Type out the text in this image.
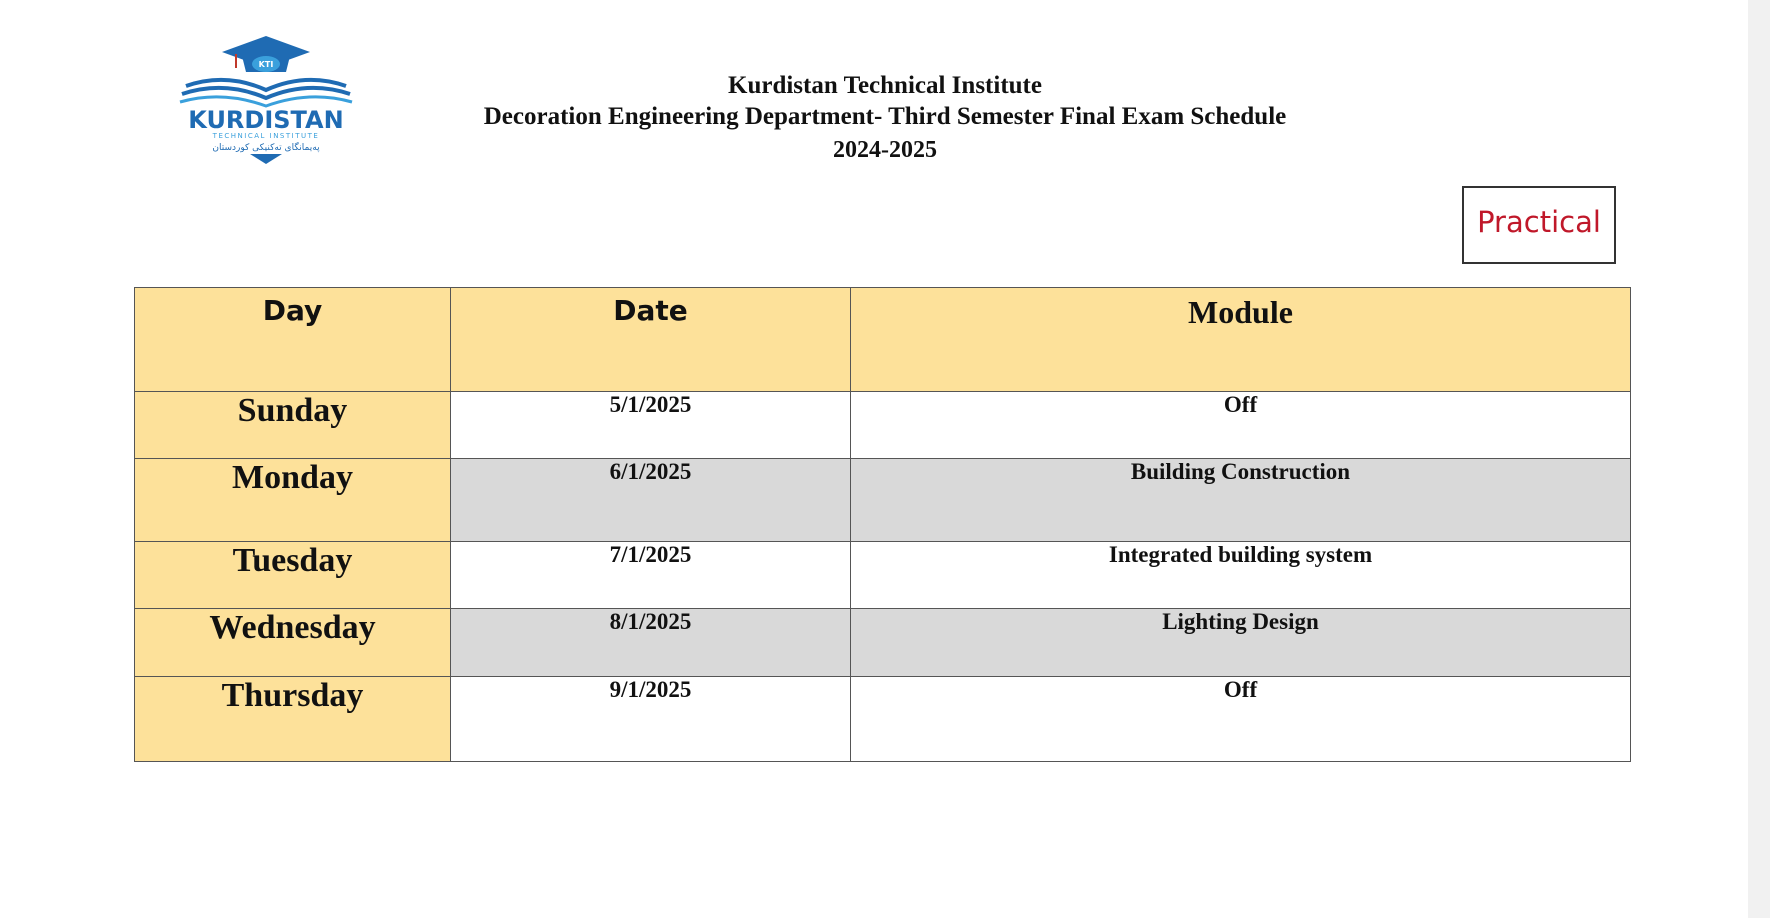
KTI
KURDISTAN
TECHNICAL INSTITUTE
پەیمانگای تەکنیکی کوردستان
Kurdistan Technical Institute
Decoration Engineering Department- Third Semester Final Exam Schedule
2024-2025
Practical
Day	Date	Module
Sunday	5/1/2025	Off
Monday	6/1/2025	Building Construction
Tuesday	7/1/2025	Integrated building system
Wednesday	8/1/2025	Lighting Design
Thursday	9/1/2025	Off
